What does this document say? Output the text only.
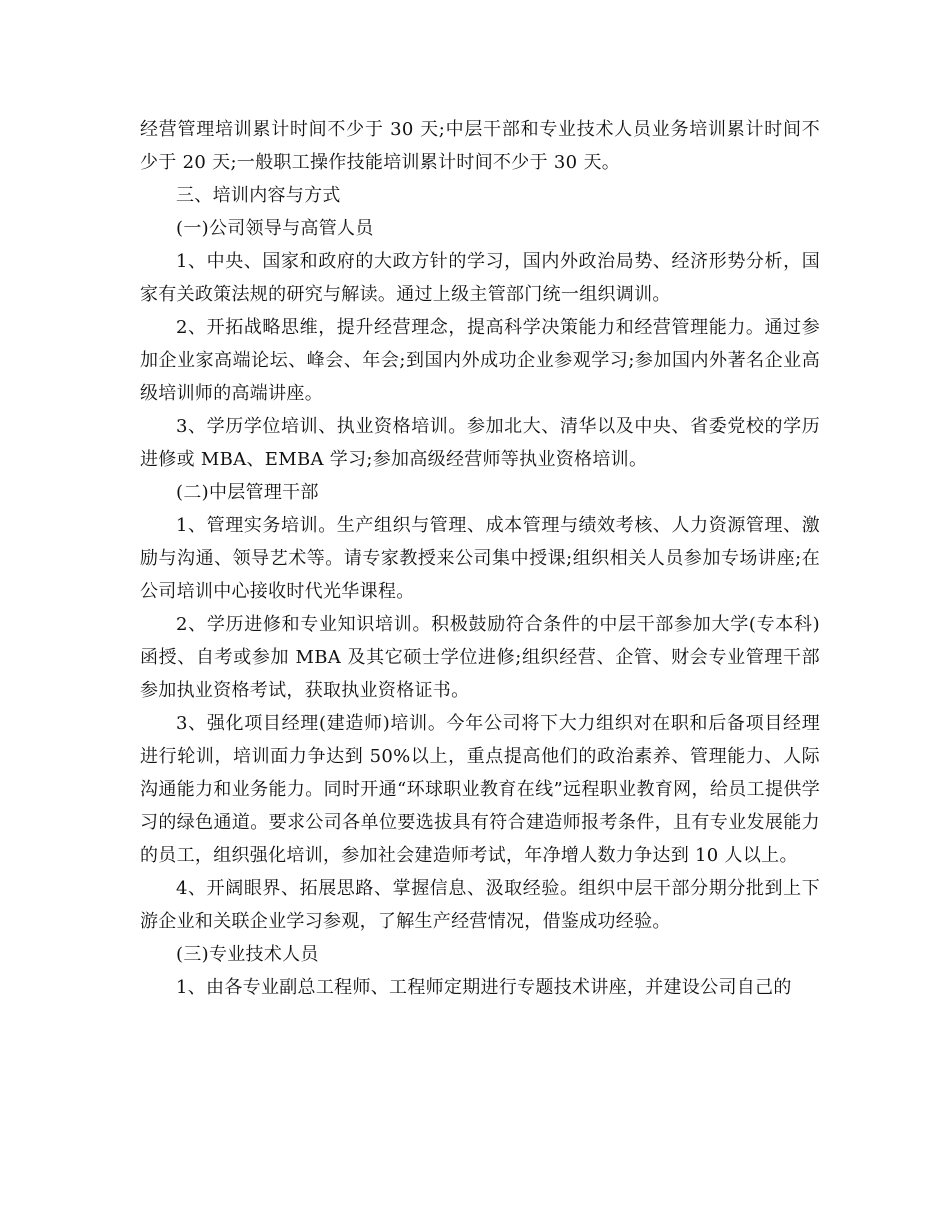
经营管理培训累计时间不少于 30 天;中层干部和专业技术人员业务培训累计时间不少于 20 天;一般职工操作技能培训累计时间不少于 30 天。

三、培训内容与方式

(一)公司领导与高管人员

1、中央、国家和政府的大政方针的学习，国内外政治局势、经济形势分析，国家有关政策法规的研究与解读。通过上级主管部门统一组织调训。

2、开拓战略思维，提升经营理念，提高科学决策能力和经营管理能力。通过参加企业家高端论坛、峰会、年会;到国内外成功企业参观学习;参加国内外著名企业高级培训师的高端讲座。

3、学历学位培训、执业资格培训。参加北大、清华以及中央、省委党校的学历进修或 MBA、EMBA 学习;参加高级经营师等执业资格培训。

(二)中层管理干部

1、管理实务培训。生产组织与管理、成本管理与绩效考核、人力资源管理、激励与沟通、领导艺术等。请专家教授来公司集中授课;组织相关人员参加专场讲座;在公司培训中心接收时代光华课程。

2、学历进修和专业知识培训。积极鼓励符合条件的中层干部参加大学(专本科)函授、自考或参加 MBA 及其它硕士学位进修;组织经营、企管、财会专业管理干部参加执业资格考试，获取执业资格证书。

3、强化项目经理(建造师)培训。今年公司将下大力组织对在职和后备项目经理进行轮训，培训面力争达到 50%以上，重点提高他们的政治素养、管理能力、人际沟通能力和业务能力。同时开通“环球职业教育在线”远程职业教育网，给员工提供学习的绿色通道。要求公司各单位要选拔具有符合建造师报考条件，且有专业发展能力的员工，组织强化培训，参加社会建造师考试，年净增人数力争达到 10 人以上。

4、开阔眼界、拓展思路、掌握信息、汲取经验。组织中层干部分期分批到上下游企业和关联企业学习参观，了解生产经营情况，借鉴成功经验。

(三)专业技术人员

1、由各专业副总工程师、工程师定期进行专题技术讲座，并建设公司自己的
